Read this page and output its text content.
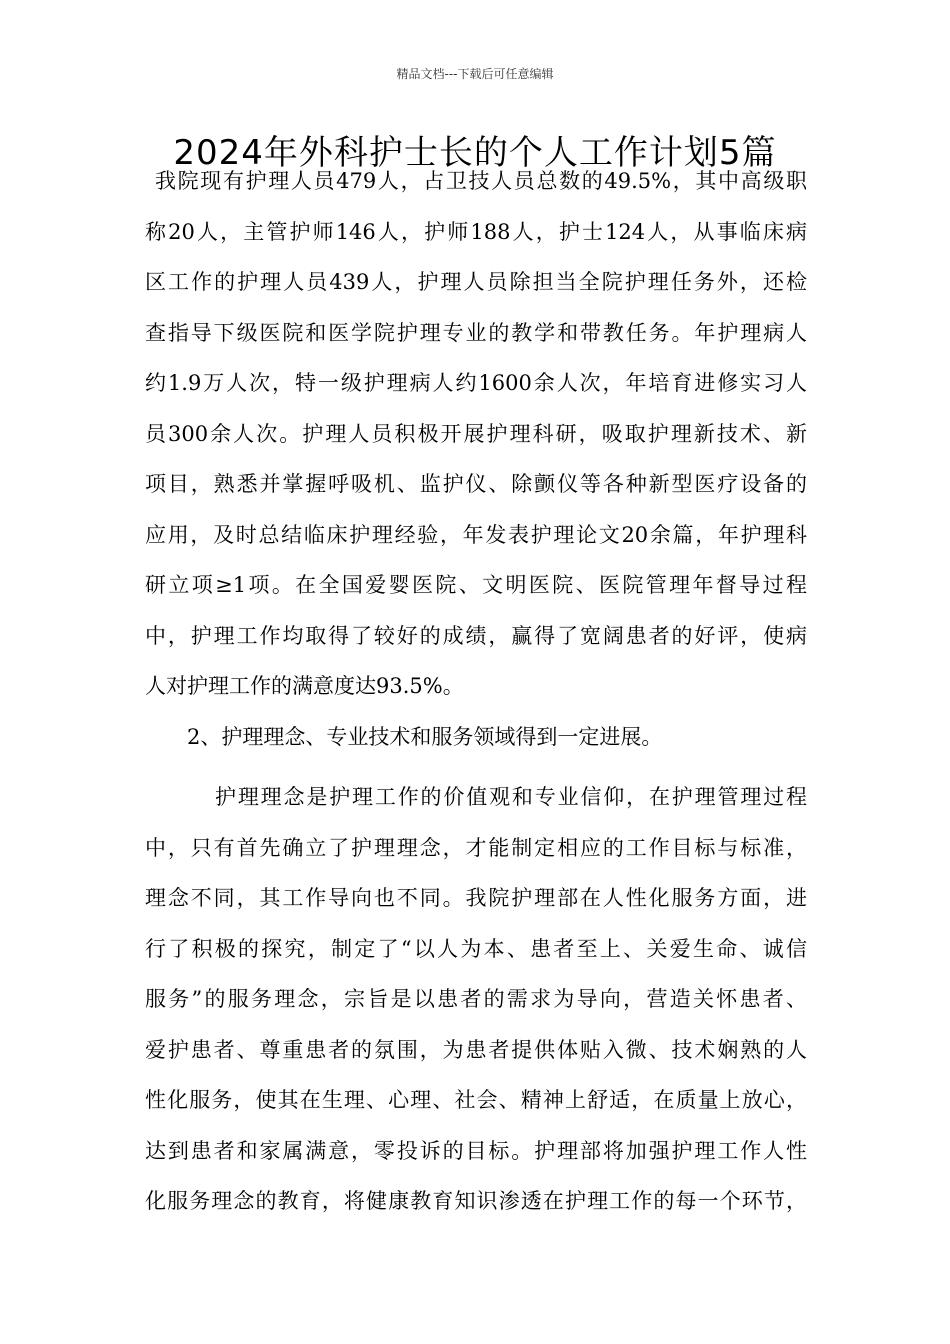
精品文档---下载后可任意编辑
2024年外科护士长的个人工作计划5篇
我院现有护理人员479人，占卫技人员总数的49.5%，其中高级职
称20人，主管护师146人，护师188人，护士124人，从事临床病
区工作的护理人员439人，护理人员除担当全院护理任务外，还检
查指导下级医院和医学院护理专业的教学和带教任务。年护理病人
约1.9万人次，特一级护理病人约1600余人次，年培育进修实习人
员300余人次。护理人员积极开展护理科研，吸取护理新技术、新
项目，熟悉并掌握呼吸机、监护仪、除颤仪等各种新型医疗设备的
应用，及时总结临床护理经验，年发表护理论文20余篇，年护理科
研立项≥1项。在全国爱婴医院、文明医院、医院管理年督导过程
中，护理工作均取得了较好的成绩，赢得了宽阔患者的好评，使病
人对护理工作的满意度达93.5%。
2、护理理念、专业技术和服务领域得到一定进展。
护理理念是护理工作的价值观和专业信仰，在护理管理过程
中，只有首先确立了护理理念，才能制定相应的工作目标与标准，
理念不同，其工作导向也不同。我院护理部在人性化服务方面，进
行了积极的探究，制定了“以人为本、患者至上、关爱生命、诚信
服务”的服务理念，宗旨是以患者的需求为导向，营造关怀患者、
爱护患者、尊重患者的氛围，为患者提供体贴入微、技术娴熟的人
性化服务，使其在生理、心理、社会、精神上舒适，在质量上放心，
达到患者和家属满意，零投诉的目标。护理部将加强护理工作人性
化服务理念的教育，将健康教育知识渗透在护理工作的每一个环节，
